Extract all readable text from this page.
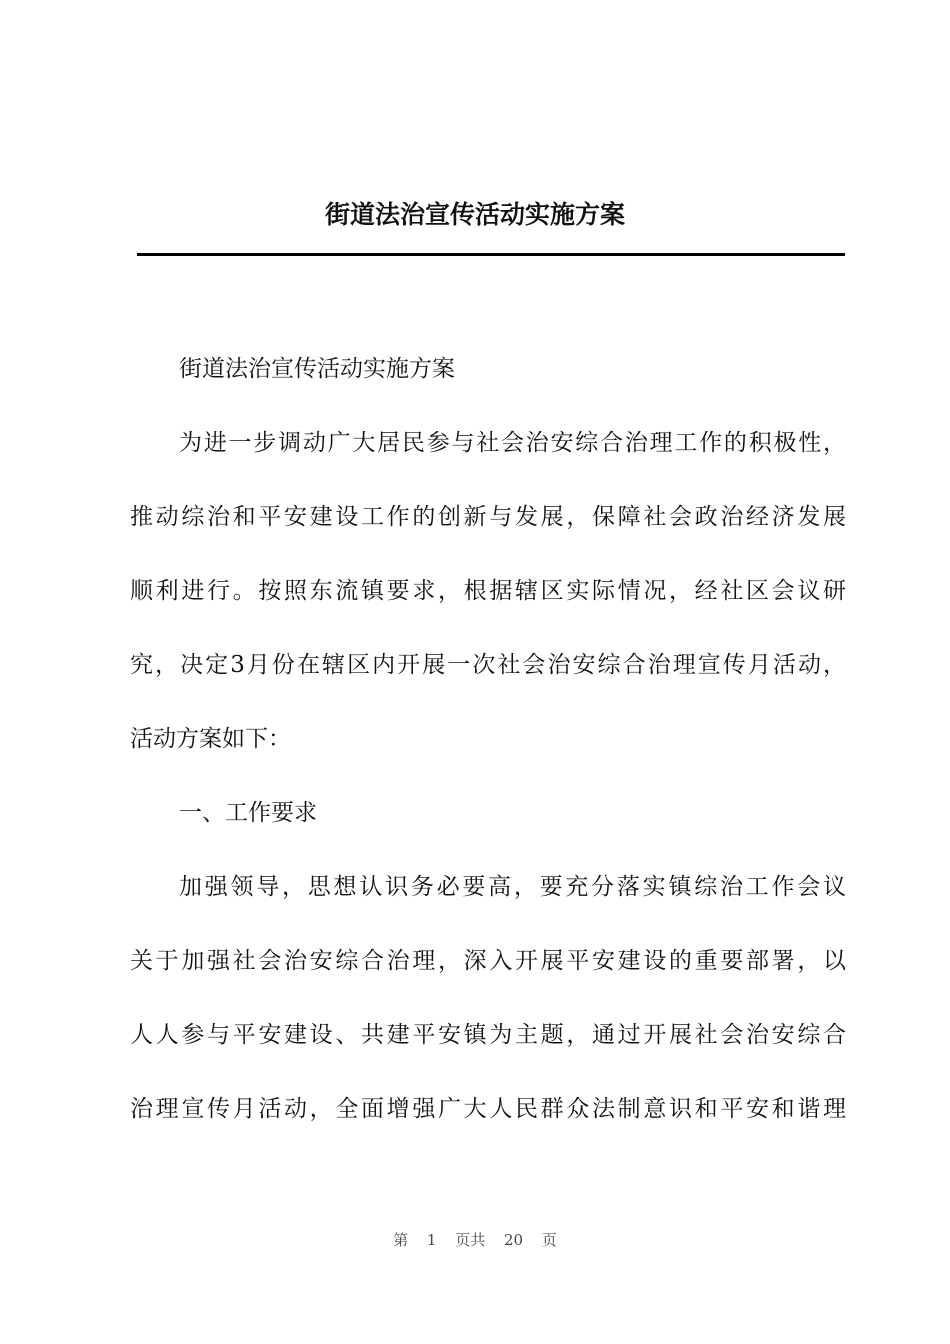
街道法治宣传活动实施方案
街道法治宣传活动实施方案
为进一步调动广大居民参与社会治安综合治理工作的积极性，
推动综治和平安建设工作的创新与发展，保障社会政治经济发展
顺利进行。按照东流镇要求，根据辖区实际情况，经社区会议研
究，决定3月份在辖区内开展一次社会治安综合治理宣传月活动，
活动方案如下：
一、工作要求
加强领导，思想认识务必要高，要充分落实镇综治工作会议
关于加强社会治安综合治理，深入开展平安建设的重要部署，以
人人参与平安建设、共建平安镇为主题，通过开展社会治安综合
治理宣传月活动，全面增强广大人民群众法制意识和平安和谐理
第 1 页共 20 页
